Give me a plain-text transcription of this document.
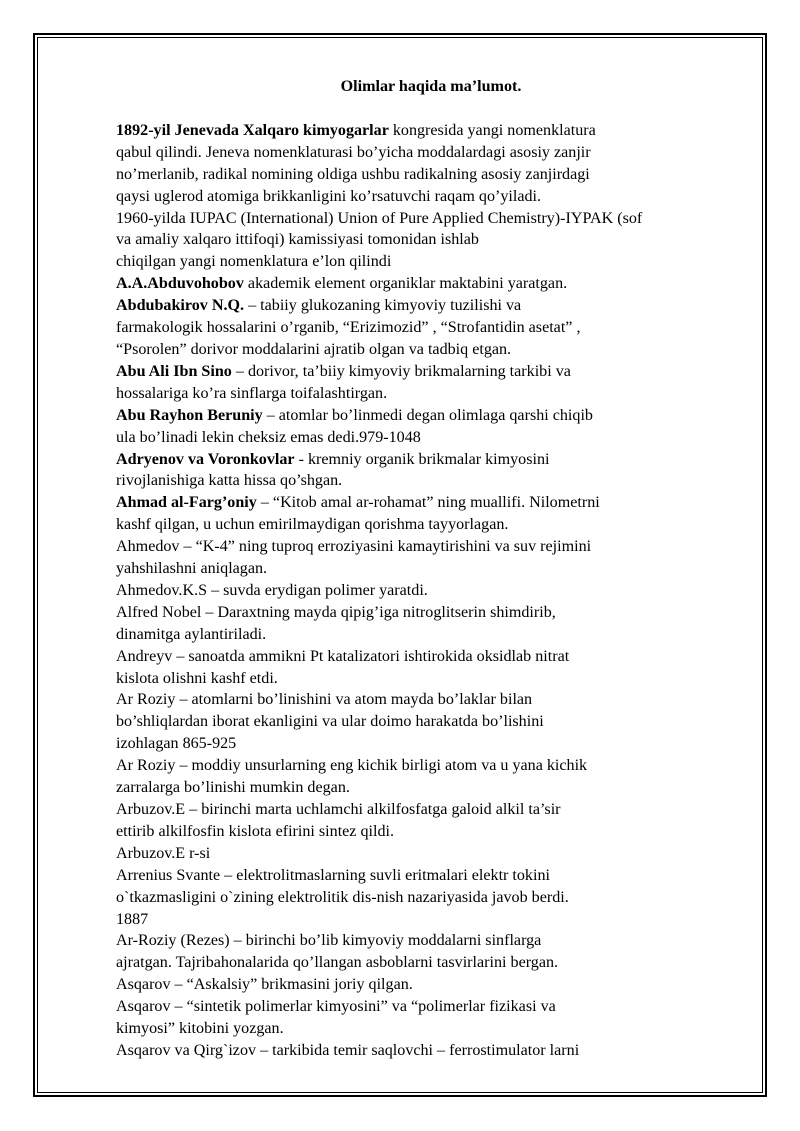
Olimlar haqida ma’lumot.
1892-yil Jenevada Xalqaro kimyogarlar kongresida yangi nomenklatura
qabul qilindi. Jeneva nomenklaturasi bo’yicha moddalardagi asosiy zanjir
no’merlanib, radikal nomining oldiga ushbu radikalning asosiy zanjirdagi
qaysi uglerod atomiga brikkanligini ko’rsatuvchi raqam qo’yiladi.
1960-yilda IUPAC (International) Union of Pure Applied Chemistry)-IYPAK (sof
va amaliy xalqaro ittifoqi) kamissiyasi tomonidan ishlab
chiqilgan yangi nomenklatura e’lon qilindi
A.A.Abduvohobov akademik element organiklar maktabini yaratgan.
Abdubakirov N.Q. – tabiiy glukozaning kimyoviy tuzilishi va
farmakologik hossalarini o’rganib, “Erizimozid” , “Strofantidin asetat” ,
“Psorolen” dorivor moddalarini ajratib olgan va tadbiq etgan.
Abu Ali Ibn Sino – dorivor, ta’biiy kimyoviy brikmalarning tarkibi va
hossalariga ko’ra sinflarga toifalashtirgan.
Abu Rayhon Beruniy – atomlar bo’linmedi degan olimlaga qarshi chiqib
ula bo’linadi lekin cheksiz emas dedi.979-1048
Adryenov va Voronkovlar - kremniy organik brikmalar kimyosini
rivojlanishiga katta hissa qo’shgan.
Ahmad al-Farg’oniy – “Kitob amal ar-rohamat” ning muallifi. Nilometrni
kashf qilgan, u uchun emirilmaydigan qorishma tayyorlagan.
Ahmedov – “K-4” ning tuproq erroziyasini kamaytirishini va suv rejimini
yahshilashni aniqlagan.
Ahmedov.K.S – suvda erydigan polimer yaratdi.
Alfred Nobel – Daraxtning mayda qipig’iga nitroglitserin shimdirib,
dinamitga aylantiriladi.
Andreyv – sanoatda ammikni Pt katalizatori ishtirokida oksidlab nitrat
kislota olishni kashf etdi.
Ar Roziy – atomlarni bo’linishini va atom mayda bo’laklar bilan
bo’shliqlardan iborat ekanligini va ular doimo harakatda bo’lishini
izohlagan 865-925
Ar Roziy – moddiy unsurlarning eng kichik birligi atom va u yana kichik
zarralarga bo’linishi mumkin degan.
Arbuzov.E – birinchi marta uchlamchi alkilfosfatga galoid alkil ta’sir
ettirib alkilfosfin kislota efirini sintez qildi.
Arbuzov.E r-si
Arrenius Svante – elektrolitmaslarning suvli eritmalari elektr tokini
o`tkazmasligini o`zining elektrolitik dis-nish nazariyasida javob berdi.
1887
Ar-Roziy (Rezes) – birinchi bo’lib kimyoviy moddalarni sinflarga
ajratgan. Tajribahonalarida qo’llangan asboblarni tasvirlarini bergan.
Asqarov – “Askalsiy” brikmasini joriy qilgan.
Asqarov – “sintetik polimerlar kimyosini” va “polimerlar fizikasi va
kimyosi” kitobini yozgan.
Asqarov va Qirg`izov – tarkibida temir saqlovchi – ferrostimulator larni
